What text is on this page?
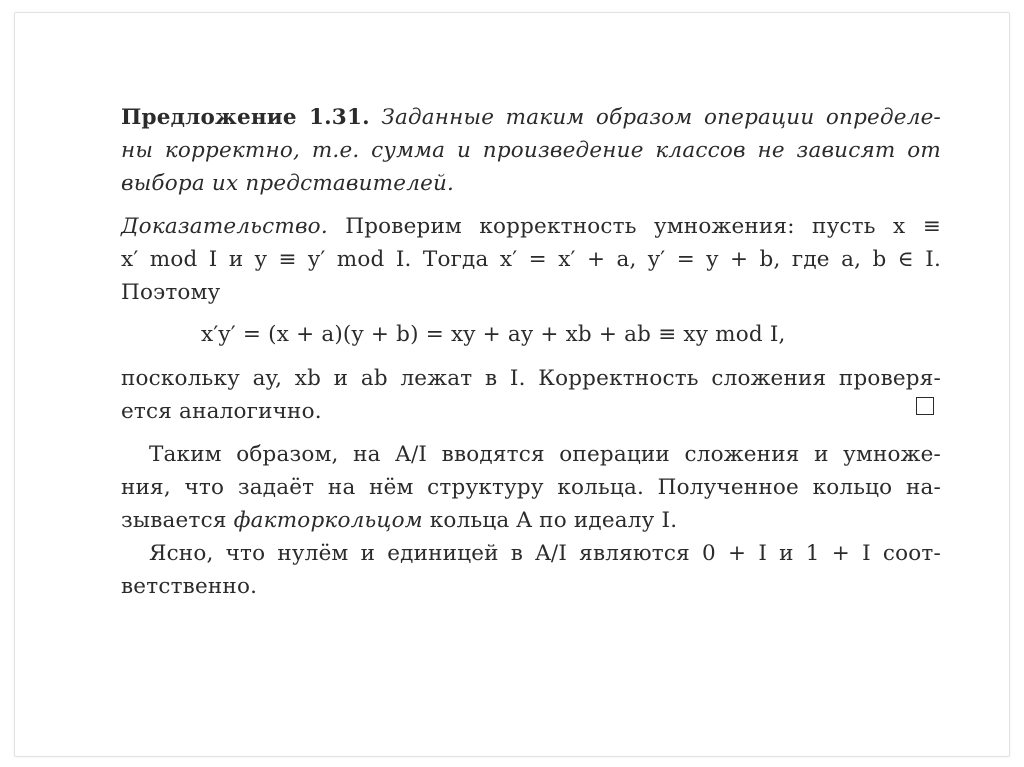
Предложение 1.31. Заданные таким образом операции определе-
ны корректно, т.е. сумма и произведение классов не зависят от
выбора их представителей.
Доказательство. Проверим корректность умножения: пусть x ≡
x′ mod I и y ≡ y′ mod I. Тогда x′ = x′ + a, y′ = y + b, где a, b ∈ I.
Поэтому
x′y′ = (x + a)(y + b) = xy + ay + xb + ab ≡ xy mod I,
поскольку ay, xb и ab лежат в I. Корректность сложения проверя-
ется аналогично.
Таким образом, на A/I вводятся операции сложения и умноже-
ния, что задаёт на нём структуру кольца. Полученное кольцо на-
зывается факторкольцом кольца A по идеалу I.
Ясно, что нулём и единицей в A/I являются 0 + I и 1 + I соот-
ветственно.
